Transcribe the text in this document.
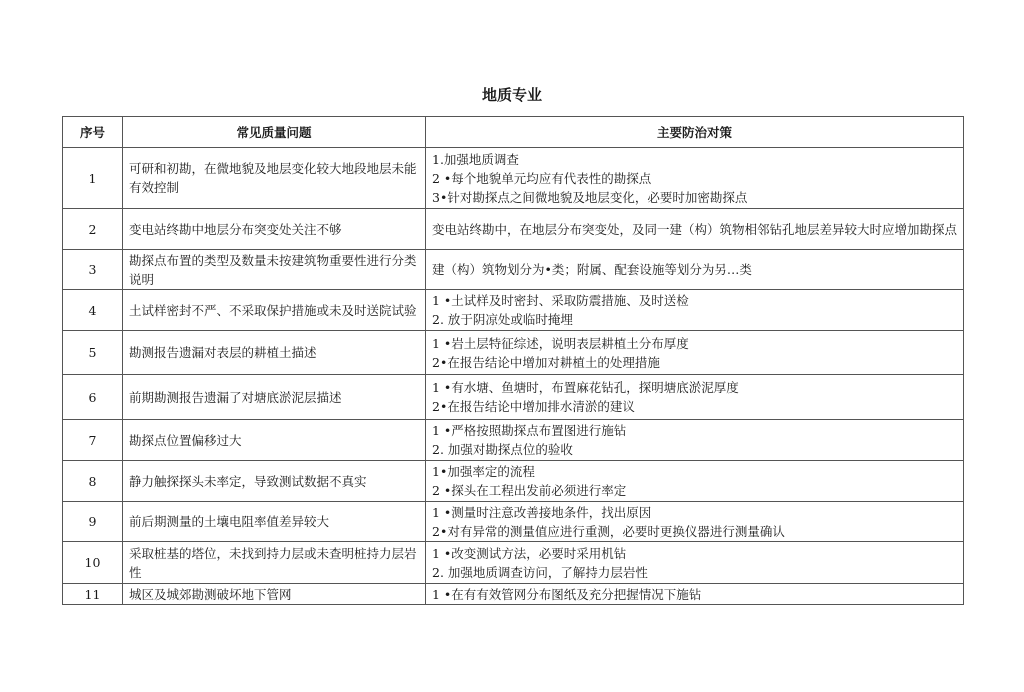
地质专业
序号	常见质量问题	主要防治对策
1	可研和初勘，在微地貌及地层变化较大地段地层未能有效控制	1.加强地质调查
2 •每个地貌单元均应有代表性的勘探点
3•针对勘探点之间微地貌及地层变化，必要时加密勘探点

2	变电站终勘中地层分布突变处关注不够	变电站终勘中，在地层分布突变处，及同一建（构）筑物相邻钻孔地层差异较大时应增加勘探点
3	勘探点布置的类型及数量未按建筑物重要性进行分类说明	建（构）筑物划分为•类；附属、配套设施等划分为另…类

4	土试样密封不严、不采取保护措施或未及时送院试验	1 •土试样及时密封、采取防震措施、及时送检
2. 放于阴凉处或临时掩埋

5	勘测报告遗漏对表层的耕植土描述	1 •岩土层特征综述，说明表层耕植土分布厚度
2•在报告结论中增加对耕植土的处理措施

6	前期勘测报告遗漏了对塘底淤泥层描述	1 •有水塘、鱼塘时，布置麻花钻孔，探明塘底淤泥厚度
2•在报告结论中增加排水清淤的建议

7	勘探点位置偏移过大	1 •严格按照勘探点布置图进行施钻
2. 加强对勘探点位的验收

8	静力触探探头未率定，导致测试数据不真实	1•加强率定的流程
2 •探头在工程出发前必须进行率定

9	前后期测量的土壤电阻率值差异较大	1 •测量时注意改善接地条件，找出原因
2•对有异常的测量值应进行重测，必要时更换仪器进行测量确认

10	采取桩基的塔位，未找到持力层或未查明桩持力层岩性	1 •改变测试方法，必要时采用机钻
2. 加强地质调查访问，了解持力层岩性

11	城区及城郊勘测破坏地下管网	1 •在有有效管网分布图纸及充分把握情况下施钻
